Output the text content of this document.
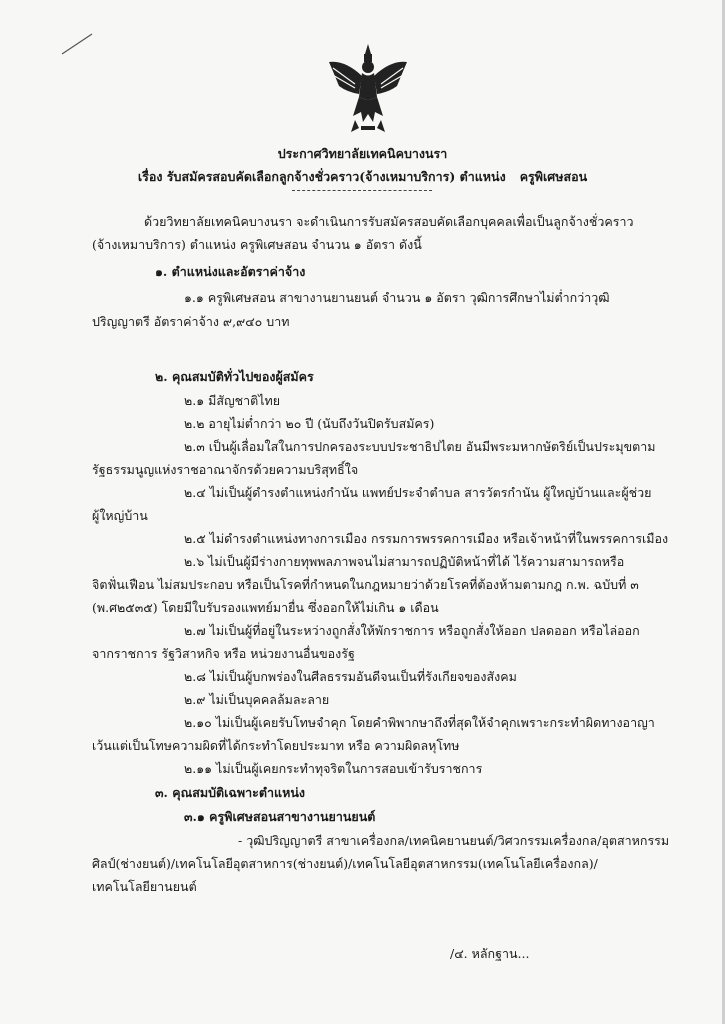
ประกาศวิทยาลัยเทคนิคบางนรา
เรื่อง รับสมัครสอบคัดเลือกลูกจ้างชั่วคราว(จ้างเหมาบริการ) ตำแหน่ง ครูพิเศษสอน
ด้วยวิทยาลัยเทคนิคบางนรา จะดำเนินการรับสมัครสอบคัดเลือกบุคคลเพื่อเป็นลูกจ้างชั่วคราว
(จ้างเหมาบริการ) ตำแหน่ง ครูพิเศษสอน จำนวน ๑ อัตรา ดังนี้
๑. ตำแหน่งและอัตราค่าจ้าง
๑.๑ ครูพิเศษสอน สาขางานยานยนต์ จำนวน ๑ อัตรา วุฒิการศึกษาไม่ต่ำกว่าวุฒิ
ปริญญาตรี อัตราค่าจ้าง ๙,๙๔๐ บาท
๒. คุณสมบัติทั่วไปของผู้สมัคร
๒.๑ มีสัญชาติไทย
๒.๒ อายุไม่ต่ำกว่า ๒๐ ปี (นับถึงวันปิดรับสมัคร)
๒.๓ เป็นผู้เลื่อมใสในการปกครองระบบประชาธิปไตย อันมีพระมหากษัตริย์เป็นประมุขตาม
รัฐธรรมนูญแห่งราชอาณาจักรด้วยความบริสุทธิ์ใจ
๒.๔ ไม่เป็นผู้ดำรงตำแหน่งกำนัน แพทย์ประจำตำบล สารวัตรกำนัน ผู้ใหญ่บ้านและผู้ช่วย
ผู้ใหญ่บ้าน
๒.๕ ไม่ดำรงตำแหน่งทางการเมือง กรรมการพรรคการเมือง หรือเจ้าหน้าที่ในพรรคการเมือง
๒.๖ ไม่เป็นผู้มีร่างกายทุพพลภาพจนไม่สามารถปฏิบัติหน้าที่ได้ ไร้ความสามารถหรือ
จิตฟั่นเฟือน ไม่สมประกอบ หรือเป็นโรคที่กำหนดในกฎหมายว่าด้วยโรคที่ต้องห้ามตามกฎ ก.พ. ฉบับที่ ๓
(พ.ศ๒๕๓๕) โดยมีใบรับรองแพทย์มายื่น ซึ่งออกให้ไม่เกิน ๑ เดือน
๒.๗ ไม่เป็นผู้ที่อยู่ในระหว่างถูกสั่งให้พักราชการ หรือถูกสั่งให้ออก ปลดออก หรือไล่ออก
จากราชการ รัฐวิสาหกิจ หรือ หน่วยงานอื่นของรัฐ
๒.๘ ไม่เป็นผู้บกพร่องในศีลธรรมอันดีจนเป็นที่รังเกียจของสังคม
๒.๙ ไม่เป็นบุคคลล้มละลาย
๒.๑๐ ไม่เป็นผู้เคยรับโทษจำคุก โดยคำพิพากษาถึงที่สุดให้จำคุกเพราะกระทำผิดทางอาญา
เว้นแต่เป็นโทษความผิดที่ได้กระทำโดยประมาท หรือ ความผิดลหุโทษ
๒.๑๑ ไม่เป็นผู้เคยกระทำทุจริตในการสอบเข้ารับราชการ
๓. คุณสมบัติเฉพาะตำแหน่ง
๓.๑ ครูพิเศษสอนสาขางานยานยนต์
- วุฒิปริญญาตรี สาขาเครื่องกล/เทคนิคยานยนต์/วิศวกรรมเครื่องกล/อุตสาหกรรม
ศิลป์(ช่างยนต์)/เทคโนโลยีอุตสาหการ(ช่างยนต์)/เทคโนโลยีอุตสาหกรรม(เทคโนโลยีเครื่องกล)/
เทคโนโลยียานยนต์
/๔. หลักฐาน...
